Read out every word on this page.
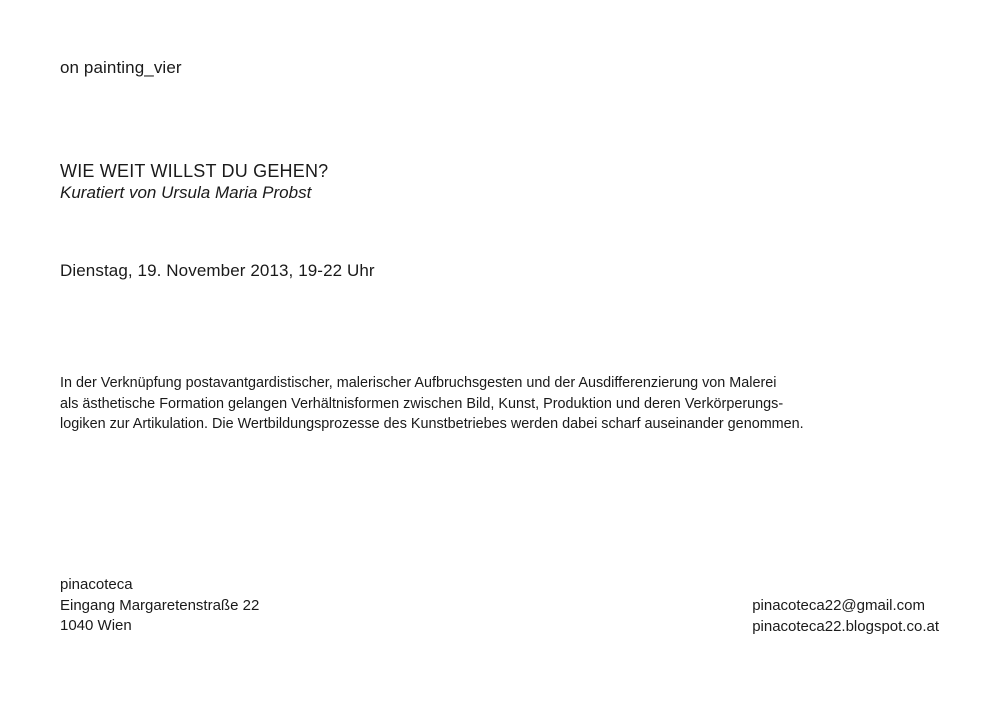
on painting_vier
WIE WEIT WILLST DU GEHEN?
Kuratiert von Ursula Maria Probst
Dienstag, 19. November 2013, 19-22 Uhr

In der Verknüpfung postavantgardistischer, malerischer Aufbruchsgesten und der Ausdifferenzierung von Malerei

als ästhetische Formation gelangen Verhältnisformen zwischen Bild, Kunst, Produktion und deren Verkörperungs-

logiken zur Artikulation. Die Wertbildungsprozesse des Kunstbetriebes werden dabei scharf auseinander genommen.

pinacoteca
Eingang Margaretenstraße 22
1040 Wien
pinacoteca22@gmail.com
pinacoteca22.blogspot.co.at
